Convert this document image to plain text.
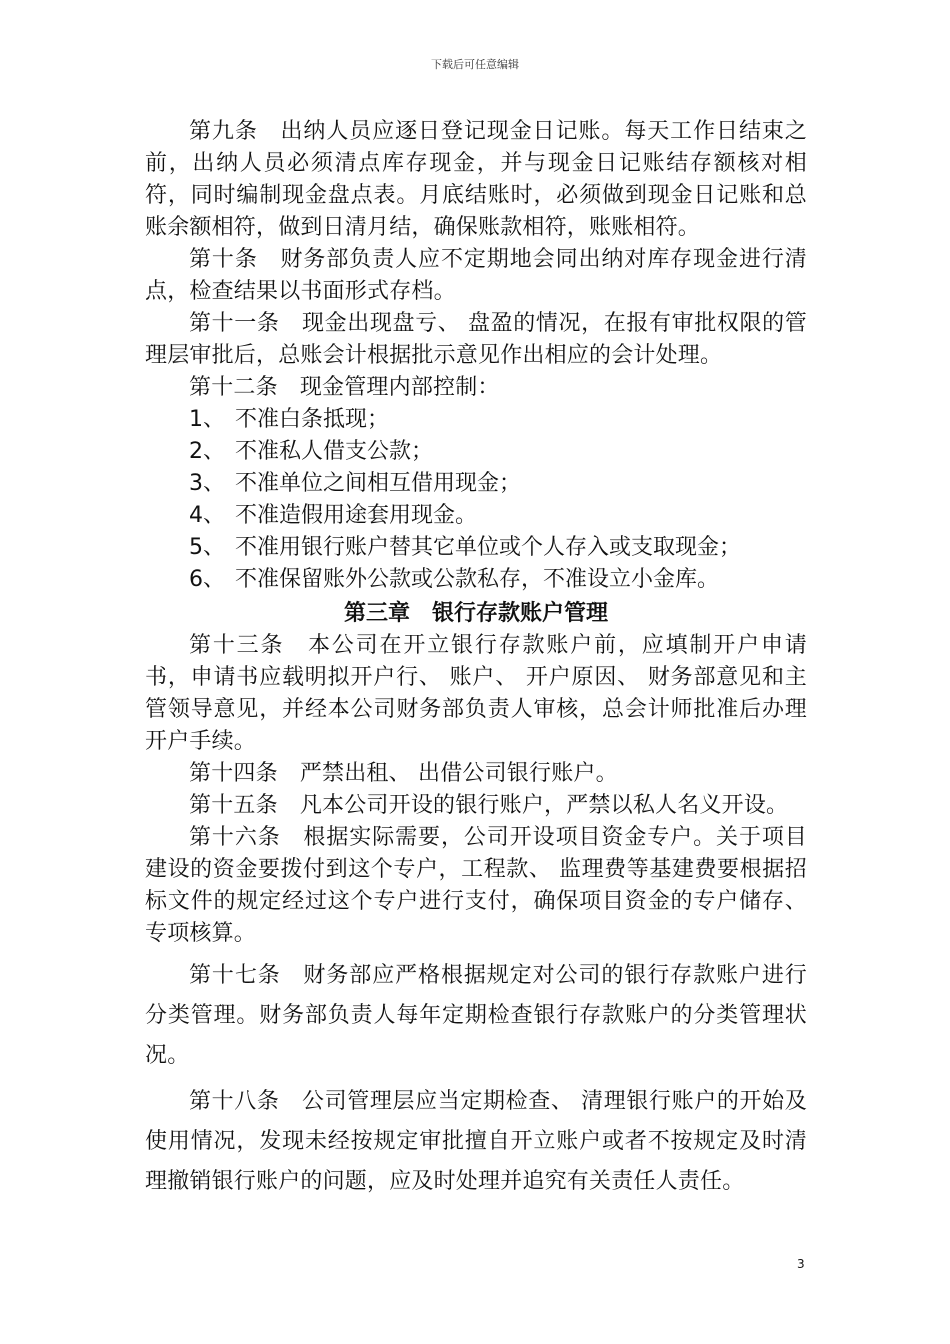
下载后可任意编辑

第九条 出纳人员应逐日登记现金日记账。每天工作日结束之前，出纳人员必须清点库存现金，并与现金日记账结存额核对相符，同时编制现金盘点表。月底结账时，必须做到现金日记账和总账余额相符，做到日清月结，确保账款相符，账账相符。

第十条 财务部负责人应不定期地会同出纳对库存现金进行清点，检查结果以书面形式存档。

第十一条 现金出现盘亏、 盘盈的情况，在报有审批权限的管理层审批后，总账会计根据批示意见作出相应的会计处理。

第十二条 现金管理内部控制：

1、 不准白条抵现；

2、 不准私人借支公款；

3、 不准单位之间相互借用现金；

4、 不准造假用途套用现金。

5、 不准用银行账户替其它单位或个人存入或支取现金；

6、 不准保留账外公款或公款私存，不准设立小金库。

第三章　银行存款账户管理

第十三条 本公司在开立银行存款账户前，应填制开户申请书，申请书应载明拟开户行、 账户、 开户原因、 财务部意见和主管领导意见，并经本公司财务部负责人审核，总会计师批准后办理开户手续。

第十四条 严禁出租、 出借公司银行账户。

第十五条 凡本公司开设的银行账户，严禁以私人名义开设。

第十六条 根据实际需要，公司开设项目资金专户。关于项目建设的资金要拨付到这个专户，工程款、 监理费等基建费要根据招标文件的规定经过这个专户进行支付，确保项目资金的专户储存、 专项核算。

第十七条 财务部应严格根据规定对公司的银行存款账户进行分类管理。财务部负责人每年定期检查银行存款账户的分类管理状况。

第十八条 公司管理层应当定期检查、 清理银行账户的开始及使用情况，发现未经按规定审批擅自开立账户或者不按规定及时清理撤销银行账户的问题，应及时处理并追究有关责任人责任。

3
